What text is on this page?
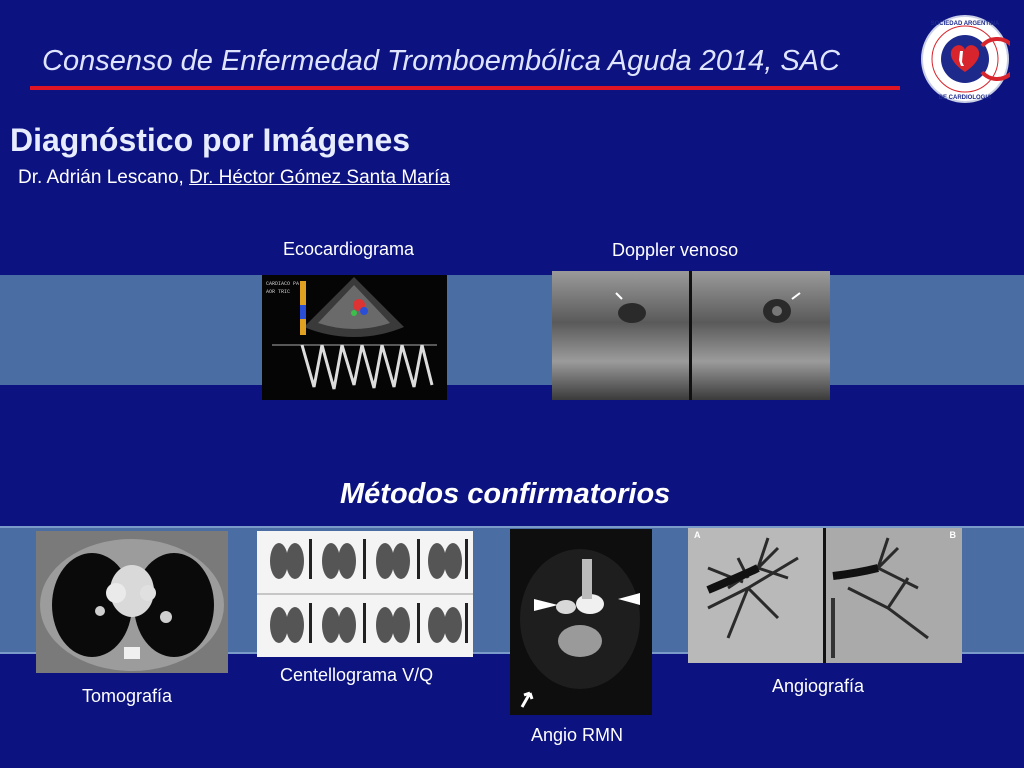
Consenso de Enfermedad Tromboembólica Aguda 2014, SAC
SOCIEDAD ARGENTINA
DE CARDIOLOGIA
Diagnóstico por Imágenes
Dr. Adrián Lescano, Dr. Héctor Gómez Santa María
Ecocardiograma	Doppler venoso
CARDIACO PA
AOR TRIC
Métodos confirmatorios
Tomografía
Centellograma V/Q
Angio RMN
A	B
Angiografía
